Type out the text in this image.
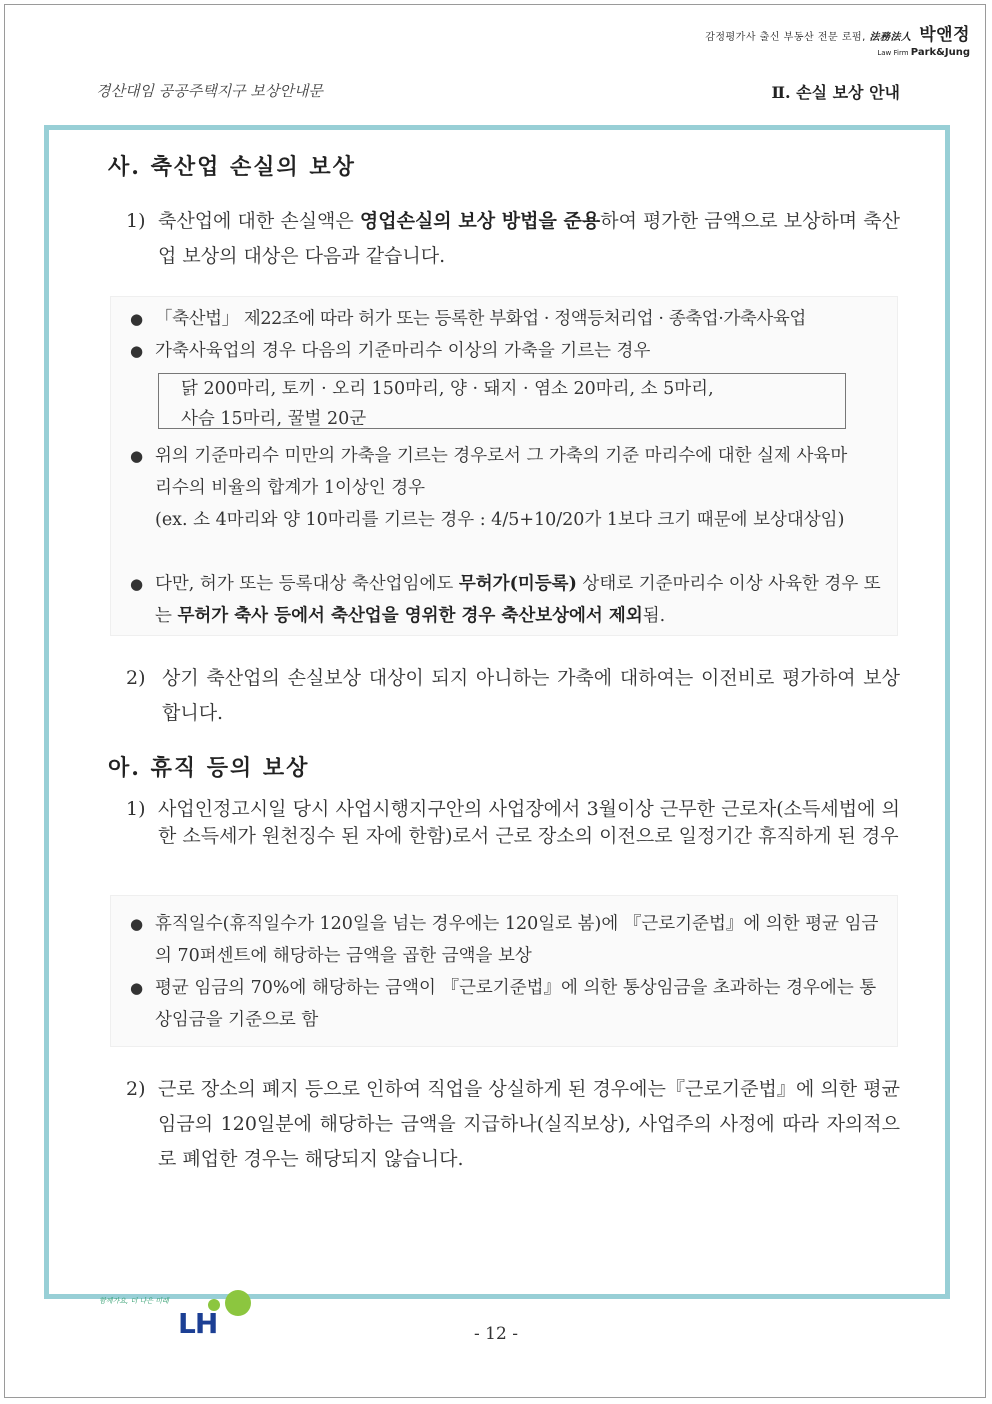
감정평가사 출신 부동산 전문 로펌, 法務法人 박앤정
Law Firm Park&Jung
경산대임 공공주택지구 보상안내문	Ⅱ. 손실 보상 안내
사. 축산업 손실의 보상
1) 축산업에 대한 손실액은 영업손실의 보상 방법을 준용하여 평가한 금액으로 보상하며 축산업 보상의 대상은 다음과 같습니다.
● 「축산법」 제22조에 따라 허가 또는 등록한 부화업 · 정액등처리업 · 종축업·가축사육업
● 가축사육업의 경우 다음의 기준마리수 이상의 가축을 기르는 경우
닭 200마리, 토끼 · 오리 150마리, 양 · 돼지 · 염소 20마리, 소 5마리,
사슴 15마리, 꿀벌 20군
● 위의 기준마리수 미만의 가축을 기르는 경우로서 그 가축의 기준 마리수에 대한 실제 사육마리수의 비율의 합계가 1이상인 경우
(ex. 소 4마리와 양 10마리를 기르는 경우 : 4/5+10/20가 1보다 크기 때문에 보상대상임)
● 다만, 허가 또는 등록대상 축산업임에도 무허가(미등록) 상태로 기준마리수 이상 사육한 경우 또는 무허가 축사 등에서 축산업을 영위한 경우 축산보상에서 제외됨.
2) 상기 축산업의 손실보상 대상이 되지 아니하는 가축에 대하여는 이전비로 평가하여 보상합니다.
아. 휴직 등의 보상
1) 사업인정고시일 당시 사업시행지구안의 사업장에서 3월이상 근무한 근로자(소득세법에 의한 소득세가 원천징수 된 자에 한함)로서 근로 장소의 이전으로 일정기간 휴직하게 된 경우
● 휴직일수(휴직일수가 120일을 넘는 경우에는 120일로 봄)에 『근로기준법』에 의한 평균 임금의 70퍼센트에 해당하는 금액을 곱한 금액을 보상
● 평균 임금의 70%에 해당하는 금액이 『근로기준법』에 의한 통상임금을 초과하는 경우에는 통상임금을 기준으로 함
2) 근로 장소의 폐지 등으로 인하여 직업을 상실하게 된 경우에는『근로기준법』에 의한 평균임금의 120일분에 해당하는 금액을 지급하나(실직보상), 사업주의 사정에 따라 자의적으로 폐업한 경우는 해당되지 않습니다.
함께가요, 더 나은 미래
LH	- 12 -
